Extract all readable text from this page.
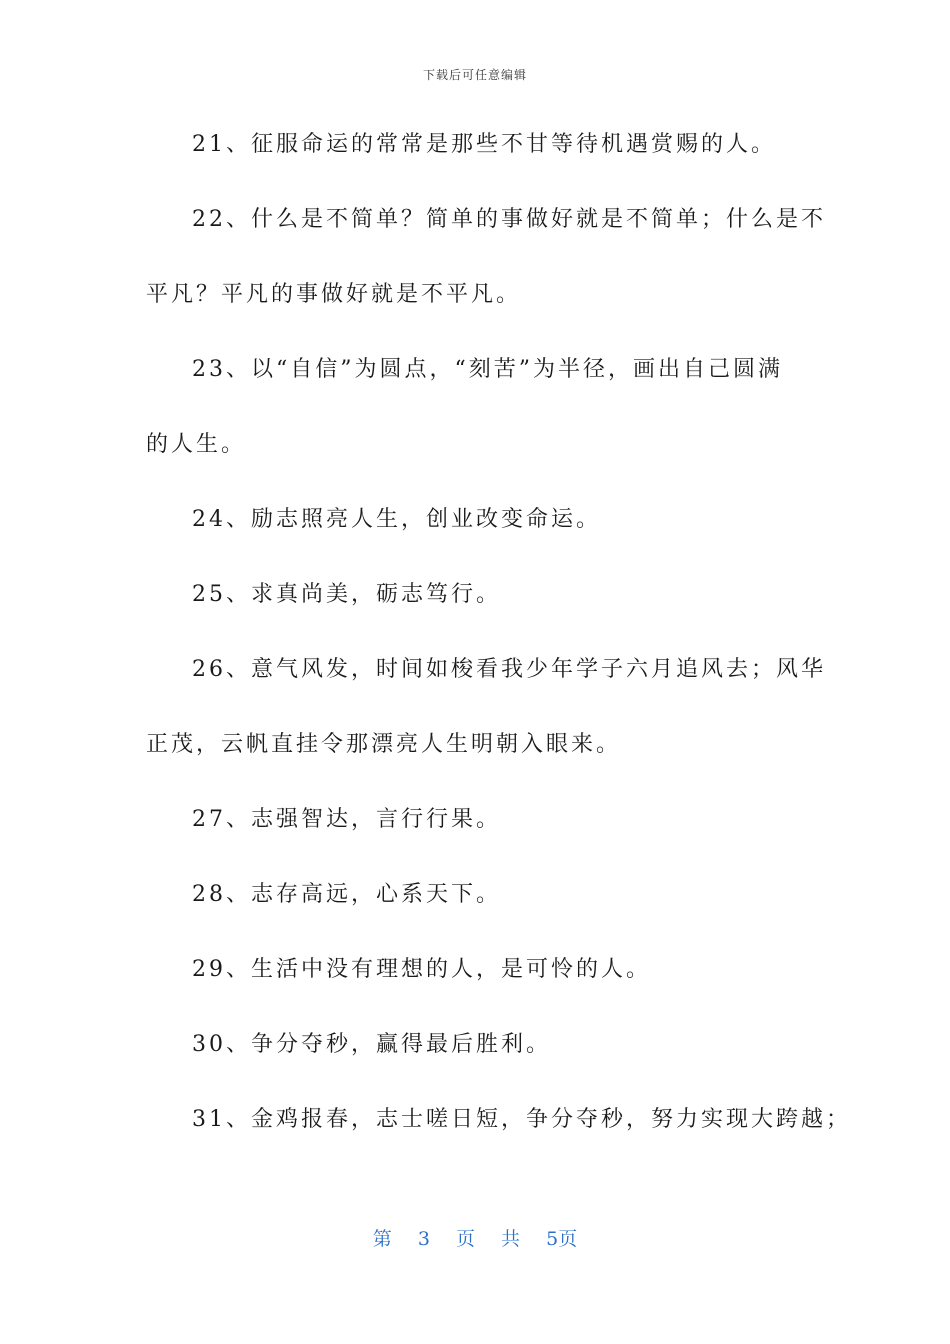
下载后可任意编辑
21、征服命运的常常是那些不甘等待机遇赏赐的人。
22、什么是不简单？简单的事做好就是不简单；什么是不
平凡？平凡的事做好就是不平凡。
23、以“自信”为圆点，“刻苦”为半径，画出自己圆满
的人生。
24、励志照亮人生，创业改变命运。
25、求真尚美，砺志笃行。
26、意气风发，时间如梭看我少年学子六月追风去；风华
正茂，云帆直挂令那漂亮人生明朝入眼来。
27、志强智达，言行行果。
28、志存高远，心系天下。
29、生活中没有理想的人，是可怜的人。
30、争分夺秒，赢得最后胜利。
31、金鸡报春，志士嗟日短，争分夺秒，努力实现大跨越；
第 3 页 共 5页
